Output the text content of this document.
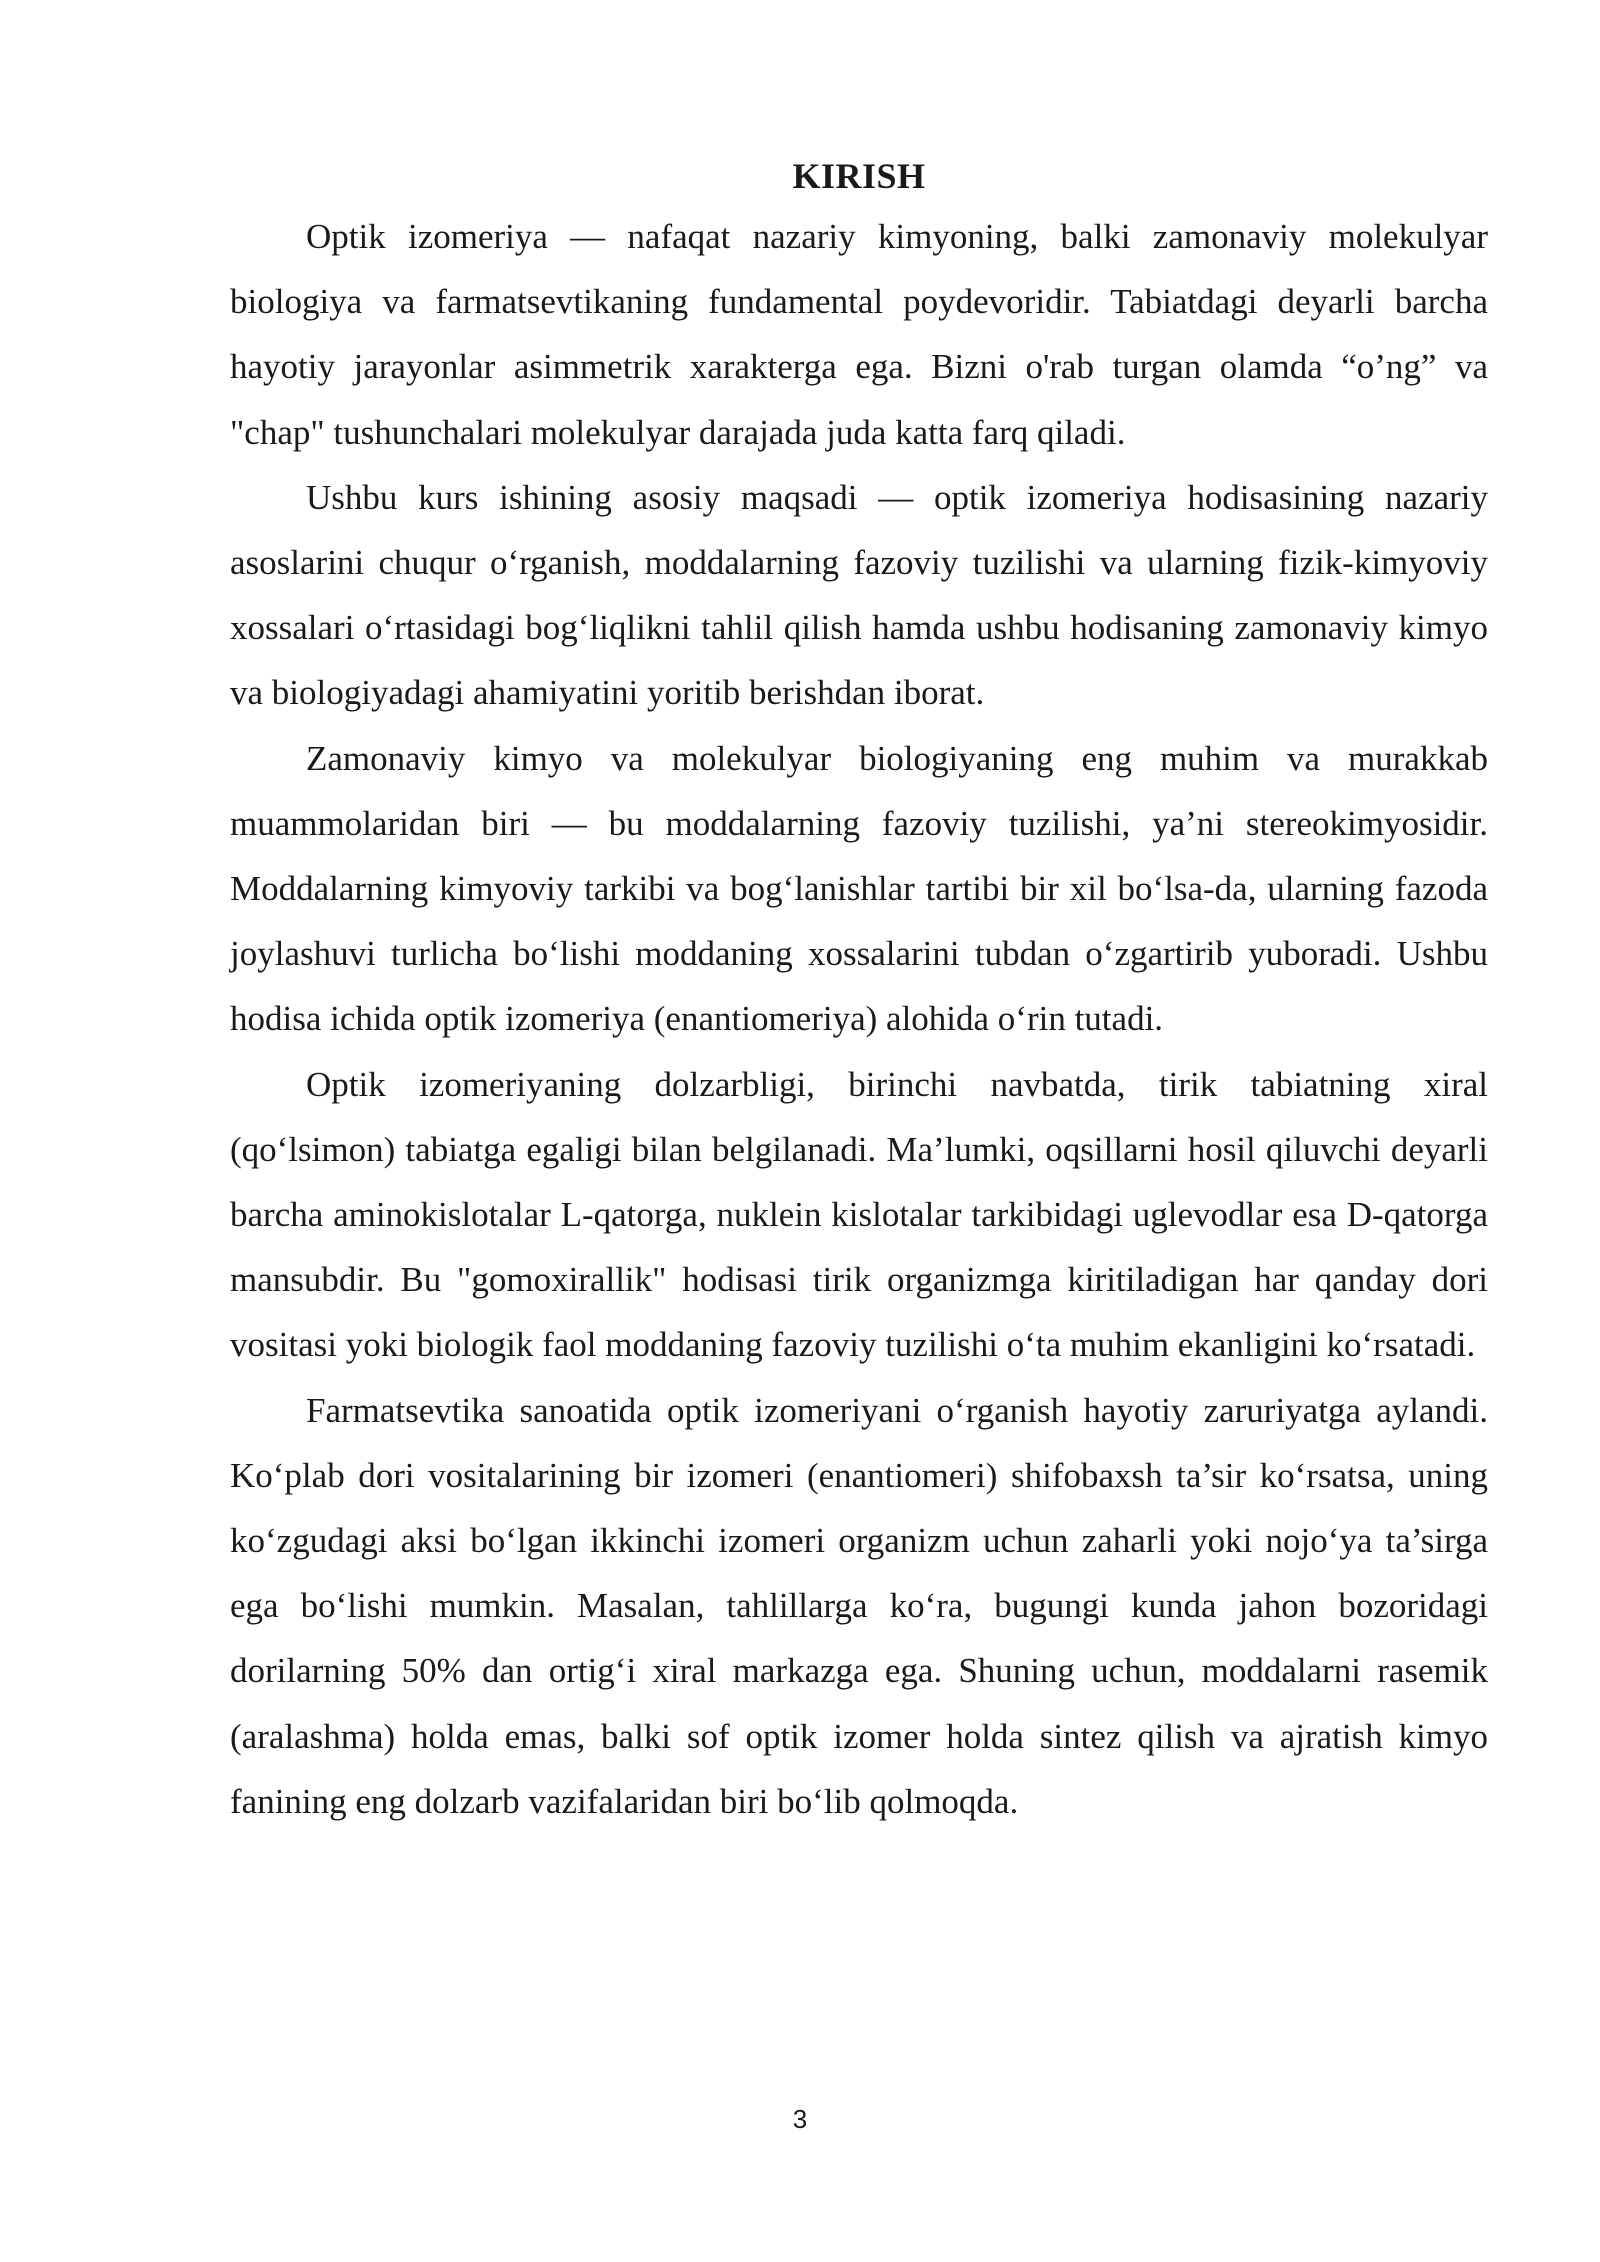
KIRISH

Optik izomeriya — nafaqat nazariy kimyoning, balki zamonaviy molekulyar biologiya va farmatsevtikaning fundamental poydevoridir. Tabiatdagi deyarli barcha hayotiy jarayonlar asimmetrik xarakterga ega. Bizni o'rab turgan olamda “o’ng” va "chap" tushunchalari molekulyar darajada juda katta farq qiladi.

Ushbu kurs ishining asosiy maqsadi — optik izomeriya hodisasining nazariy asoslarini chuqur oʻrganish, moddalarning fazoviy tuzilishi va ularning fizik-kimyoviy xossalari oʻrtasidagi bogʻliqlikni tahlil qilish hamda ushbu hodisaning zamonaviy kimyo va biologiyadagi ahamiyatini yoritib berishdan iborat.

Zamonaviy kimyo va molekulyar biologiyaning eng muhim va murakkab muammolaridan biri — bu moddalarning fazoviy tuzilishi, ya’ni stereokimyosidir. Moddalarning kimyoviy tarkibi va bogʻlanishlar tartibi bir xil boʻlsa-da, ularning fazoda joylashuvi turlicha boʻlishi moddaning xossalarini tubdan oʻzgartirib yuboradi. Ushbu hodisa ichida optik izomeriya (enantiomeriya) alohida oʻrin tutadi.

Optik izomeriyaning dolzarbligi, birinchi navbatda, tirik tabiatning xiral (qoʻlsimon) tabiatga egaligi bilan belgilanadi. Ma’lumki, oqsillarni hosil qiluvchi deyarli barcha aminokislotalar L-qatorga, nuklein kislotalar tarkibidagi uglevodlar esa D-qatorga mansubdir. Bu "gomoxirallik" hodisasi tirik organizmga kiritiladigan har qanday dori vositasi yoki biologik faol moddaning fazoviy tuzilishi oʻta muhim ekanligini koʻrsatadi.

Farmatsevtika sanoatida optik izomeriyani oʻrganish hayotiy zaruriyatga aylandi. Koʻplab dori vositalarining bir izomeri (enantiomeri) shifobaxsh ta’sir koʻrsatsa, uning koʻzgudagi aksi boʻlgan ikkinchi izomeri organizm uchun zaharli yoki nojoʻya ta’sirga ega boʻlishi mumkin. Masalan, tahlillarga koʻra, bugungi kunda jahon bozoridagi dorilarning 50% dan ortigʻi xiral markazga ega. Shuning uchun, moddalarni rasemik (aralashma) holda emas, balki sof optik izomer holda sintez qilish va ajratish kimyo fanining eng dolzarb vazifalaridan biri boʻlib qolmoqda.

3
